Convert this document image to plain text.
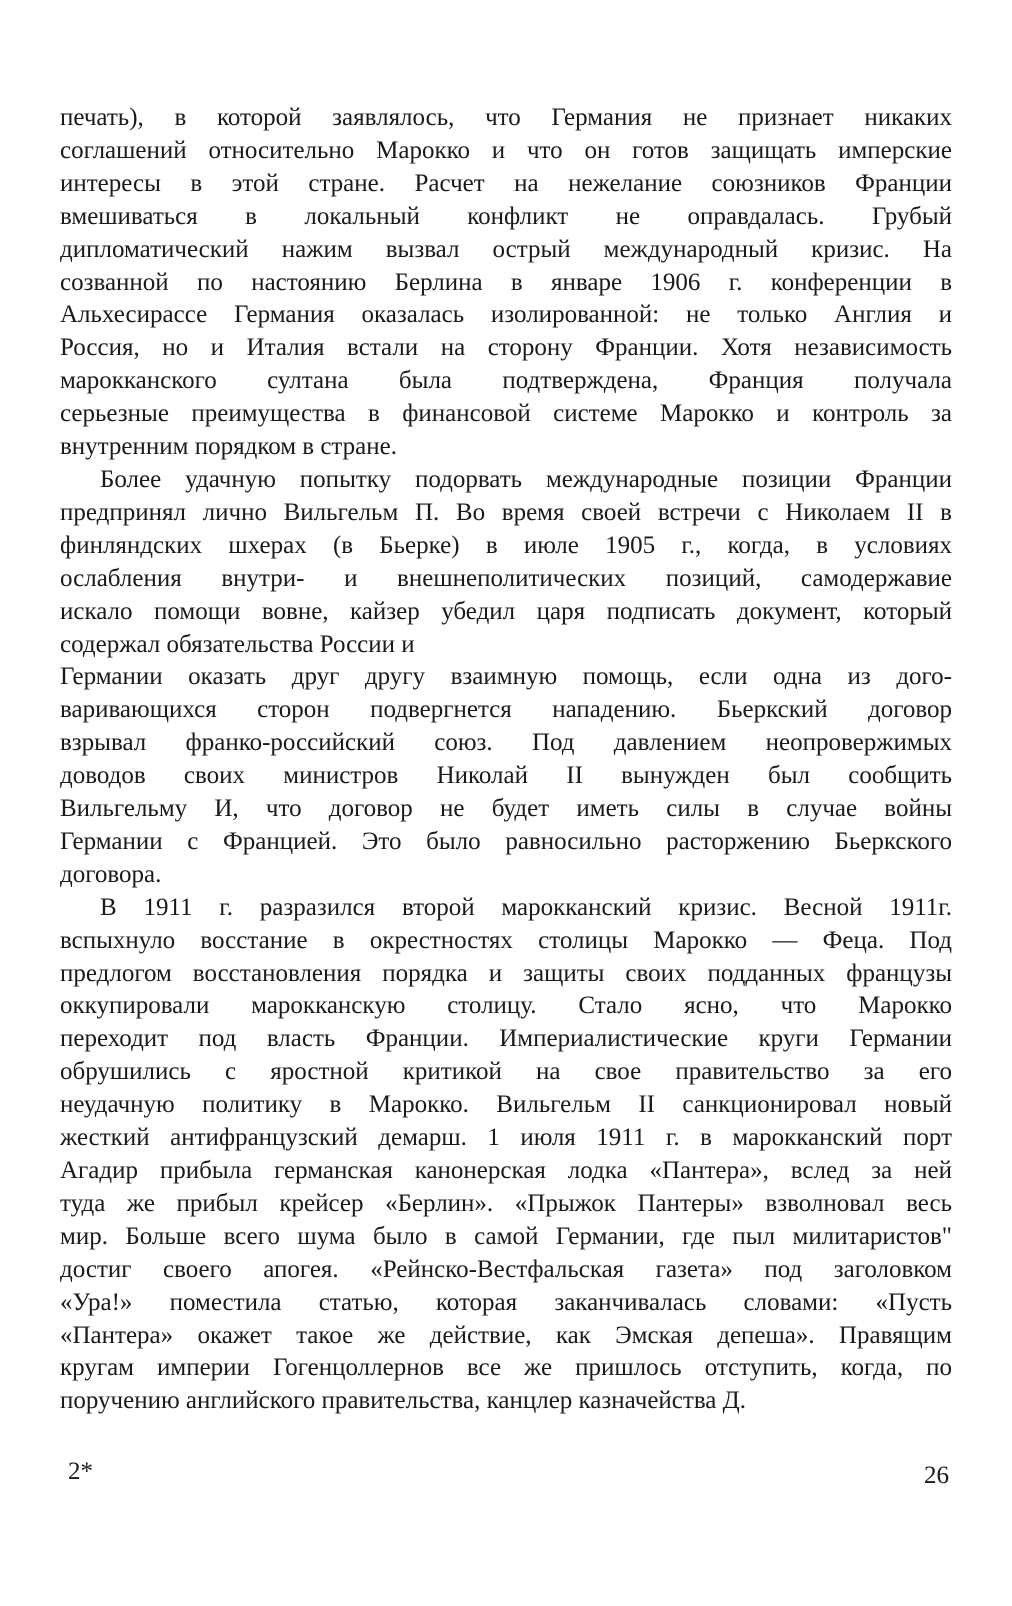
печать), в которой заявлялось, что Германия не признает никаких
соглашений относительно Марокко и что он готов защищать имперские
интересы в этой стране. Расчет на нежелание союзников Франции
вмешиваться в локальный конфликт не оправдалась. Грубый
дипломатический нажим вызвал острый международный кризис. На
созванной по настоянию Берлина в январе 1906 г. конференции в
Альхесирассе Германия оказалась изолированной: не только Англия и
Россия, но и Италия встали на сторону Франции. Хотя независимость
марокканского султана была подтверждена, Франция получала
серьезные преимущества в финансовой системе Марокко и контроль за
внутренним порядком в стране.
Более удачную попытку подорвать международные позиции Франции
предпринял лично Вильгельм П. Во время своей встречи с Николаем II в
финляндских шхерах (в Бьерке) в июле 1905 г., когда, в условиях
ослабления внутри- и внешнеполитических позиций, самодержавие
искало помощи вовне, кайзер убедил царя подписать документ, который
содержал обязательства России и
Германии оказать друг другу взаимную помощь, если одна из дого-
варивающихся сторон подвергнется нападению. Бьеркский договор
взрывал франко-российский союз. Под давлением неопровержимых
доводов своих министров Николай II вынужден был сообщить
Вильгельму И, что договор не будет иметь силы в случае войны
Германии с Францией. Это было равносильно расторжению Бьеркского
договора.
В 1911 г. разразился второй марокканский кризис. Весной 1911г.
вспыхнуло восстание в окрестностях столицы Марокко — Феца. Под
предлогом восстановления порядка и защиты своих подданных французы
оккупировали марокканскую столицу. Стало ясно, что Марокко
переходит под власть Франции. Империалистические круги Германии
обрушились с яростной критикой на свое правительство за его
неудачную политику в Марокко. Вильгельм II санкционировал новый
жесткий антифранцузский демарш. 1 июля 1911 г. в марокканский порт
Агадир прибыла германская канонерская лодка «Пантера», вслед за ней
туда же прибыл крейсер «Берлин». «Прыжок Пантеры» взволновал весь
мир. Больше всего шума было в самой Германии, где пыл милитаристов"
достиг своего апогея. «Рейнско-Вестфальская газета» под заголовком
«Ура!» поместила статью, которая заканчивалась словами: «Пусть
«Пантера» окажет такое же действие, как Эмская депеша». Правящим
кругам империи Гогенцоллернов все же пришлось отступить, когда, по
поручению английского правительства, канцлер казначейства Д.
2*	26
